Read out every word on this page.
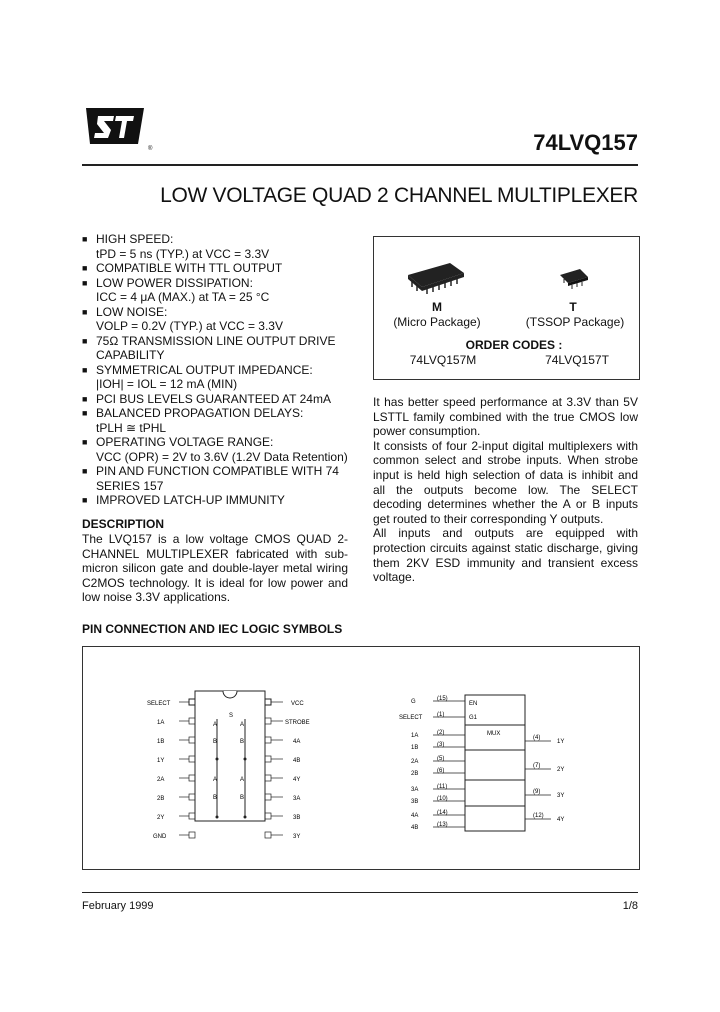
®	74LVQ157
LOW VOLTAGE QUAD 2 CHANNEL MULTIPLEXER
■ HIGH SPEED:
tPD = 5 ns (TYP.) at VCC = 3.3V
■ COMPATIBLE WITH TTL OUTPUT
■ LOW POWER DISSIPATION:
ICC = 4 μA (MAX.) at TA = 25 °C
■ LOW NOISE:
VOLP = 0.2V (TYP.) at VCC = 3.3V
■ 75Ω TRANSMISSION LINE OUTPUT DRIVE CAPABILITY
■ SYMMETRICAL OUTPUT IMPEDANCE:
|IOH| = IOL = 12 mA (MIN)
■ PCI BUS LEVELS GUARANTEED AT 24mA
■ BALANCED PROPAGATION DELAYS:
tPLH ≅ tPHL
■ OPERATING VOLTAGE RANGE:
VCC (OPR) = 2V to 3.6V (1.2V Data Retention)
■ PIN AND FUNCTION COMPATIBLE WITH 74 SERIES 157
■ IMPROVED LATCH-UP IMMUNITY
DESCRIPTION
The LVQ157 is a low voltage CMOS QUAD 2-CHANNEL MULTIPLEXER fabricated with sub-micron silicon gate and double-layer metal wiring C2MOS technology. It is ideal for low power and low noise 3.3V applications.
M
(Micro Package)
T
(TSSOP Package)
ORDER CODES :
74LVQ157M	74LVQ157T
It has better speed performance at 3.3V than 5V LSTTL family combined with the true CMOS low power consumption.
It consists of four 2-input digital multiplexers with common select and strobe inputs. When strobe input is held high selection of data is inhibit and all the outputs become low. The SELECT decoding determines whether the A or B inputs get routed to their corresponding Y outputs.
All inputs and outputs are equipped with protection circuits against static discharge, giving them 2KV ESD immunity and transient excess voltage.
PIN CONNECTION AND IEC LOGIC SYMBOLS
S
A	A
B	B
A	A
B	B
SELECT
1A
1B
1Y
2A
2B
2Y
GND
VCC
STROBE
4A
4B
4Y
3A
3B
3Y
EN
G1
MUX
G
SELECT
1A
1B
2A
2B
3A
3B
4A
4B
(15)
(1)
(2)
(3)
(5)
(6)
(11)
(10)
(14)
(13)
(4)
(7)
(9)
(12)
1Y
2Y
3Y
4Y
February 1999	1/8
